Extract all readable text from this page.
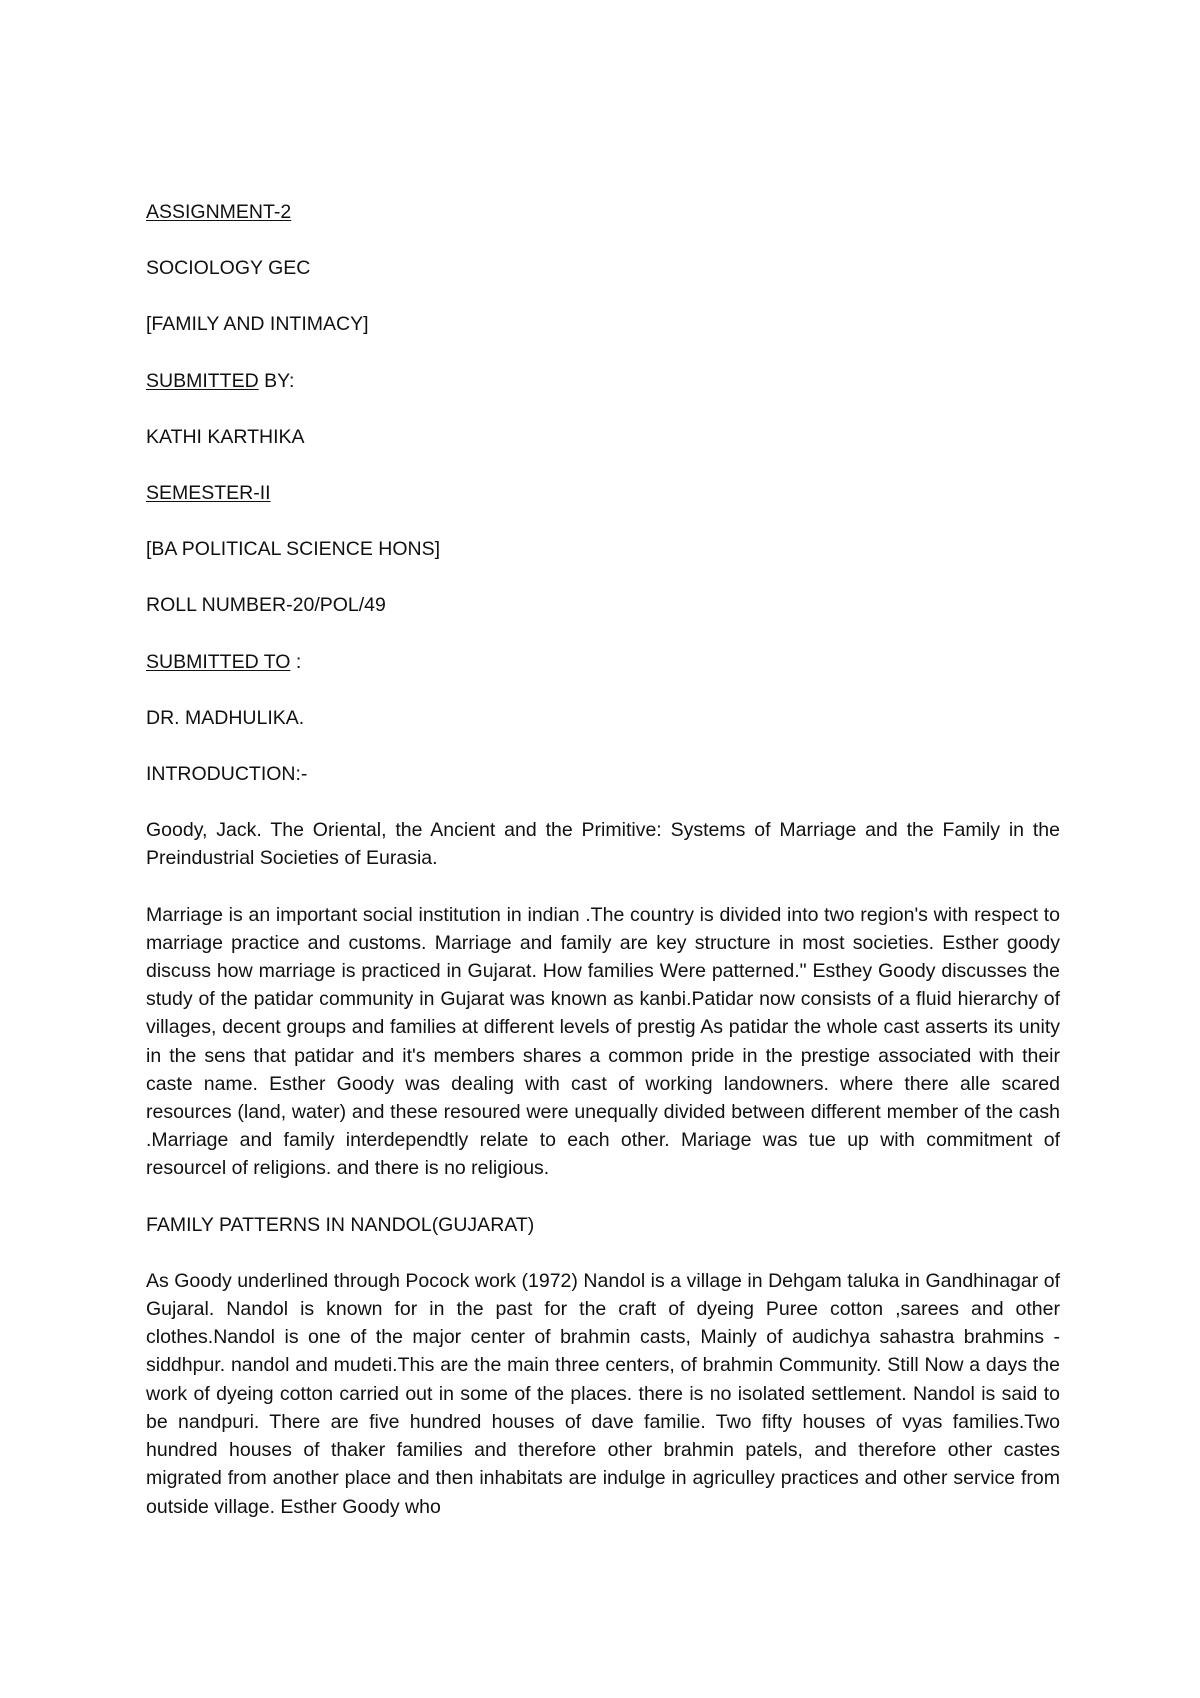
ASSIGNMENT-2
SOCIOLOGY GEC
[FAMILY AND INTIMACY]
SUBMITTED BY:
KATHI KARTHIKA
SEMESTER-II
[BA POLITICAL SCIENCE HONS]
ROLL NUMBER-20/POL/49
SUBMITTED TO :
DR. MADHULIKA.
INTRODUCTION:-

Goody, Jack. The Oriental, the Ancient and the Primitive: Systems of Marriage and the Family in the Preindustrial Societies of Eurasia.

Marriage is an important social institution in indian .The country is divided into two region's with respect to marriage practice and customs. Marriage and family are key structure in most societies. Esther goody discuss how marriage is practiced in Gujarat. How families Were patterned." Esthey Goody discusses the study of the patidar community in Gujarat was known as kanbi.Patidar now consists of a fluid hierarchy of villages, decent groups and families at different levels of prestig As patidar the whole cast asserts its unity in the sens that patidar and it's members shares a common pride in the prestige associated with their caste name. Esther Goody was dealing with cast of working landowners. where there alle scared resources (land, water) and these resoured were unequally divided between different member of the cash .Marriage and family interdependtly relate to each other. Mariage was tue up with commitment of resourcel of religions. and there is no religious.

FAMILY PATTERNS IN NANDOL(GUJARAT)

As Goody underlined through Pocock work (1972) Nandol is a village in Dehgam taluka in Gandhinagar of Gujaral. Nandol is known for in the past for the craft of dyeing Puree cotton ,sarees and other clothes.Nandol is one of the major center of brahmin casts, Mainly of audichya sahastra brahmins - siddhpur. nandol and mudeti.This are the main three centers, of brahmin Community. Still Now a days the work of dyeing cotton carried out in some of the places. there is no isolated settlement. Nandol is said to be nandpuri. There are five hundred houses of dave familie. Two fifty houses of vyas families.Two hundred houses of thaker families and therefore other brahmin patels, and therefore other castes migrated from another place and then inhabitats are indulge in agriculley practices and other service from outside village. Esther Goody who
